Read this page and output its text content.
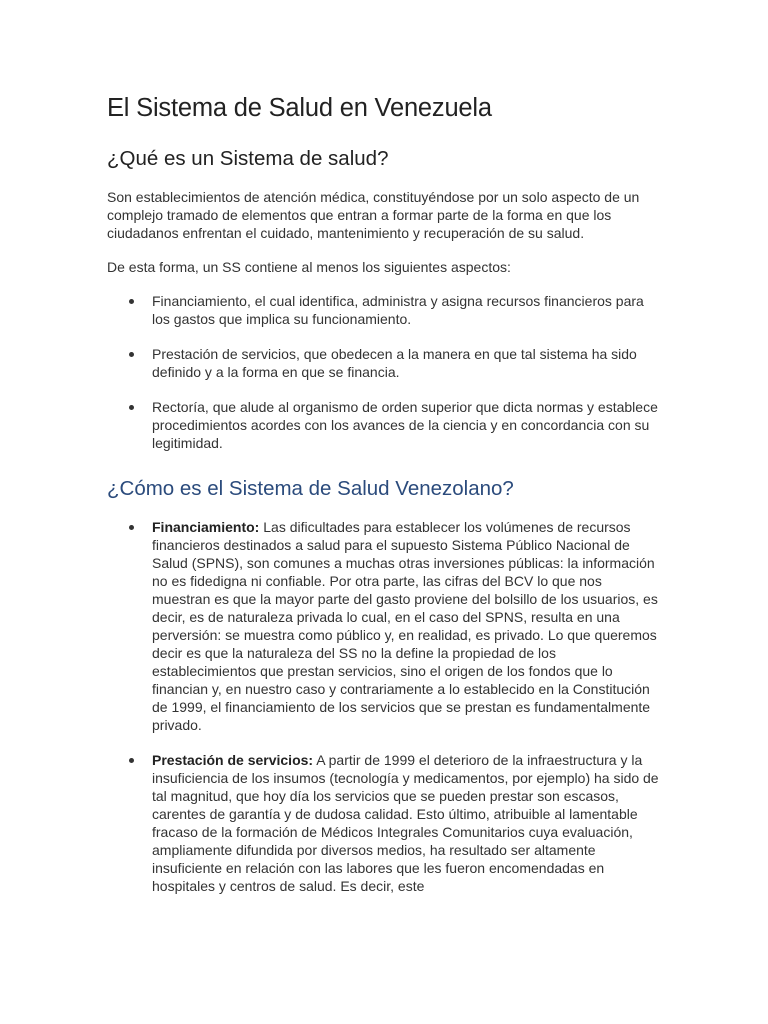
El Sistema de Salud en Venezuela
¿Qué es un Sistema de salud?

Son establecimientos de atención médica, constituyéndose por un solo aspecto de un complejo tramado de elementos que entran a formar parte de la forma en que los ciudadanos enfrentan el cuidado, mantenimiento y recuperación de su salud.

De esta forma, un SS contiene al menos los siguientes aspectos:

Financiamiento, el cual identifica, administra y asigna recursos financieros para los gastos que implica su funcionamiento.
Prestación de servicios, que obedecen a la manera en que tal sistema ha sido definido y a la forma en que se financia.
Rectoría, que alude al organismo de orden superior que dicta normas y establece procedimientos acordes con los avances de la ciencia y en concordancia con su legitimidad.
¿Cómo es el Sistema de Salud Venezolano?
Financiamiento: Las dificultades para establecer los volúmenes de recursos financieros destinados a salud para el supuesto Sistema Público Nacional de Salud (SPNS), son comunes a muchas otras inversiones públicas: la información no es fidedigna ni confiable. Por otra parte, las cifras del BCV lo que nos muestran es que la mayor parte del gasto proviene del bolsillo de los usuarios, es decir, es de naturaleza privada lo cual, en el caso del SPNS, resulta en una perversión: se muestra como público y, en realidad, es privado. Lo que queremos decir es que la naturaleza del SS no la define la propiedad de los establecimientos que prestan servicios, sino el origen de los fondos que lo financian y, en nuestro caso y contrariamente a lo establecido en la Constitución de 1999, el financiamiento de los servicios que se prestan es fundamentalmente privado.
Prestación de servicios: A partir de 1999 el deterioro de la infraestructura y la insuficiencia de los insumos (tecnología y medicamentos, por ejemplo) ha sido de tal magnitud, que hoy día los servicios que se pueden prestar son escasos, carentes de garantía y de dudosa calidad. Esto último, atribuible al lamentable fracaso de la formación de Médicos Integrales Comunitarios cuya evaluación, ampliamente difundida por diversos medios, ha resultado ser altamente insuficiente en relación con las labores que les fueron encomendadas en hospitales y centros de salud. Es decir, este
